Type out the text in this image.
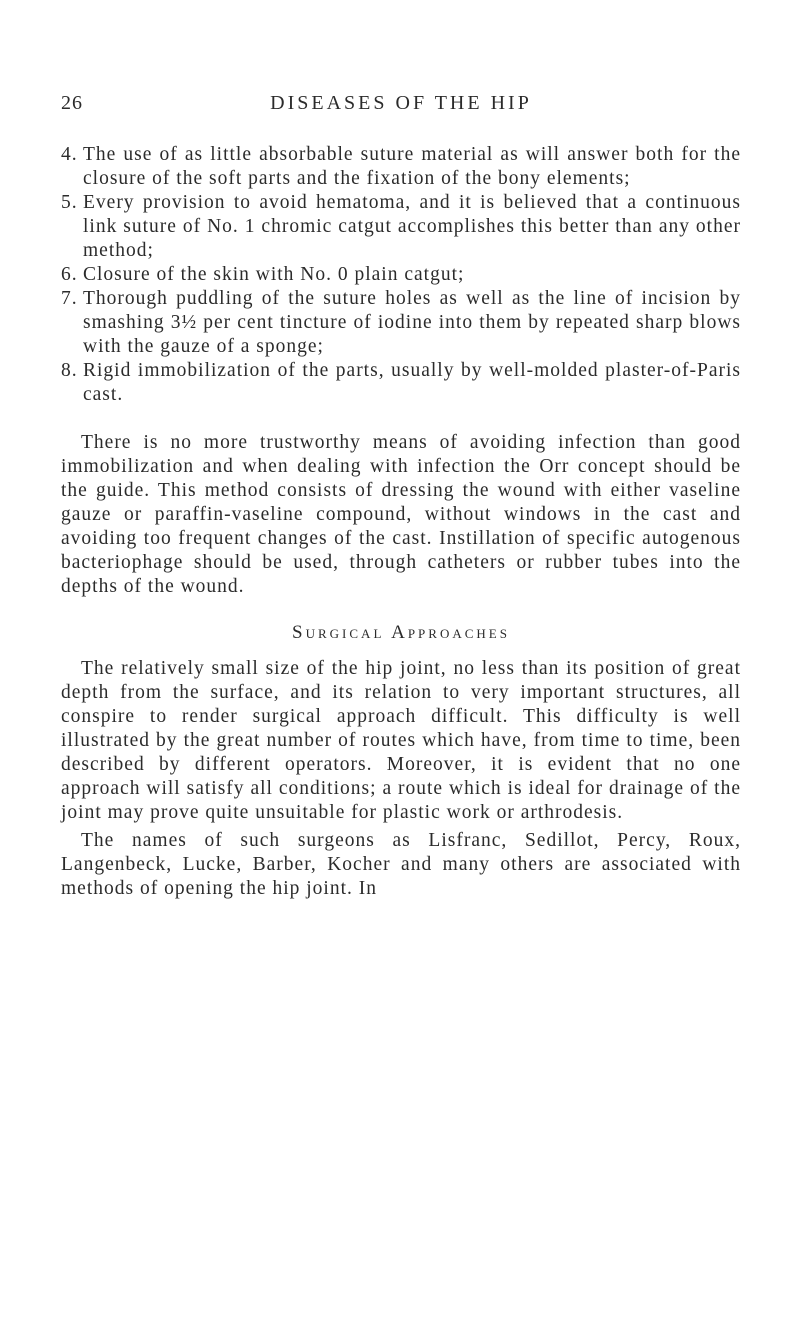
26	DISEASES OF THE HIP
4. The use of as little absorbable suture material as will answer both for the closure of the soft parts and the fixation of the bony elements;
5. Every provision to avoid hematoma, and it is believed that a continuous link suture of No. 1 chromic catgut accomplishes this better than any other method;
6. Closure of the skin with No. 0 plain catgut;
7. Thorough puddling of the suture holes as well as the line of incision by smashing 3½ per cent tincture of iodine into them by repeated sharp blows with the gauze of a sponge;
8. Rigid immobilization of the parts, usually by well-molded plaster-of-Paris cast.

There is no more trustworthy means of avoiding infection than good immobilization and when dealing with infection the Orr concept should be the guide. This method consists of dressing the wound with either vaseline gauze or paraffin-vaseline compound, without windows in the cast and avoiding too frequent changes of the cast. Instillation of specific autogenous bacteriophage should be used, through catheters or rubber tubes into the depths of the wound.

Surgical Approaches

The relatively small size of the hip joint, no less than its position of great depth from the surface, and its relation to very important structures, all conspire to render surgical approach difficult. This difficulty is well illustrated by the great number of routes which have, from time to time, been described by different operators. Moreover, it is evident that no one approach will satisfy all conditions; a route which is ideal for drainage of the joint may prove quite unsuitable for plastic work or arthrodesis.

The names of such surgeons as Lisfranc, Sedillot, Percy, Roux, Langenbeck, Lucke, Barber, Kocher and many others are associated with methods of opening the hip joint. In
